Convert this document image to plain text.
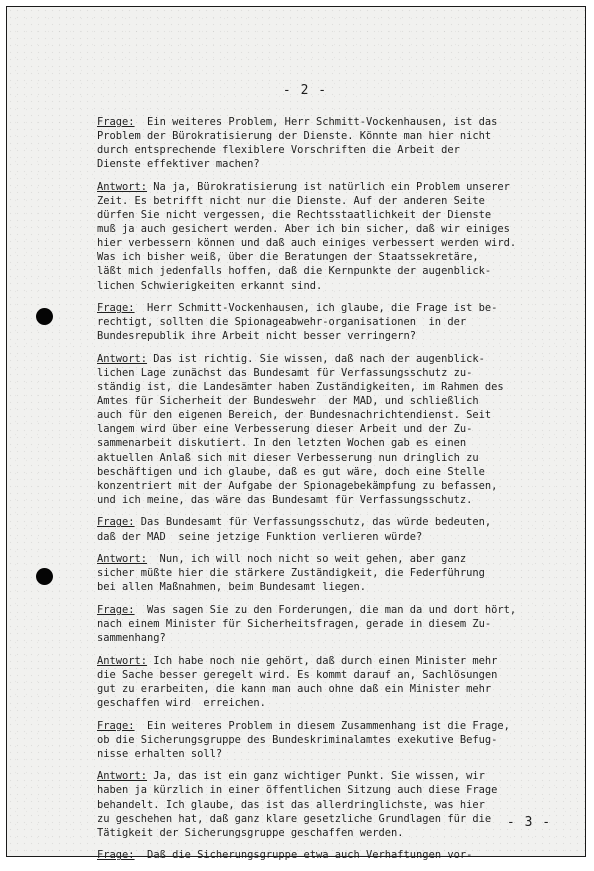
- 2 -
Frage:  Ein weiteres Problem, Herr Schmitt-Vockenhausen, ist das
Problem der Bürokratisierung der Dienste. Könnte man hier nicht
durch entsprechende flexiblere Vorschriften die Arbeit der
Dienste effektiver machen?
Antwort: Na ja, Bürokratisierung ist natürlich ein Problem unserer
Zeit. Es betrifft nicht nur die Dienste. Auf der anderen Seite
dürfen Sie nicht vergessen, die Rechtsstaatlichkeit der Dienste
muß ja auch gesichert werden. Aber ich bin sicher, daß wir einiges
hier verbessern können und daß auch einiges verbessert werden wird.
Was ich bisher weiß, über die Beratungen der Staatssekretäre,
läßt mich jedenfalls hoffen, daß die Kernpunkte der augenblick-
lichen Schwierigkeiten erkannt sind.
Frage:  Herr Schmitt-Vockenhausen, ich glaube, die Frage ist be-
rechtigt, sollten die Spionageabwehr-organisationen  in der
Bundesrepublik ihre Arbeit nicht besser verringern?
Antwort: Das ist richtig. Sie wissen, daß nach der augenblick-
lichen Lage zunächst das Bundesamt für Verfassungsschutz zu-
ständig ist, die Landesämter haben Zuständigkeiten, im Rahmen des
Amtes für Sicherheit der Bundeswehr  der MAD, und schließlich
auch für den eigenen Bereich, der Bundesnachrichtendienst. Seit
langem wird über eine Verbesserung dieser Arbeit und der Zu-
sammenarbeit diskutiert. In den letzten Wochen gab es einen
aktuellen Anlaß sich mit dieser Verbesserung nun dringlich zu
beschäftigen und ich glaube, daß es gut wäre, doch eine Stelle
konzentriert mit der Aufgabe der Spionagebekämpfung zu befassen,
und ich meine, das wäre das Bundesamt für Verfassungsschutz.
Frage: Das Bundesamt für Verfassungsschutz, das würde bedeuten,
daß der MAD  seine jetzige Funktion verlieren würde?
Antwort:  Nun, ich will noch nicht so weit gehen, aber ganz
sicher müßte hier die stärkere Zuständigkeit, die Federführung
bei allen Maßnahmen, beim Bundesamt liegen.
Frage:  Was sagen Sie zu den Forderungen, die man da und dort hört,
nach einem Minister für Sicherheitsfragen, gerade in diesem Zu-
sammenhang?
Antwort: Ich habe noch nie gehört, daß durch einen Minister mehr
die Sache besser geregelt wird. Es kommt darauf an, Sachlösungen
gut zu erarbeiten, die kann man auch ohne daß ein Minister mehr
geschaffen wird  erreichen.
Frage:  Ein weiteres Problem in diesem Zusammenhang ist die Frage,
ob die Sicherungsgruppe des Bundeskriminalamtes exekutive Befug-
nisse erhalten soll?
Antwort: Ja, das ist ein ganz wichtiger Punkt. Sie wissen, wir
haben ja kürzlich in einer öffentlichen Sitzung auch diese Frage
behandelt. Ich glaube, das ist das allerdringlichste, was hier
zu geschehen hat, daß ganz klare gesetzliche Grundlagen für die
Tätigkeit der Sicherungsgruppe geschaffen werden.
Frage:  Daß die Sicherungsgruppe etwa auch Verhaftungen vor-
- 3 -
